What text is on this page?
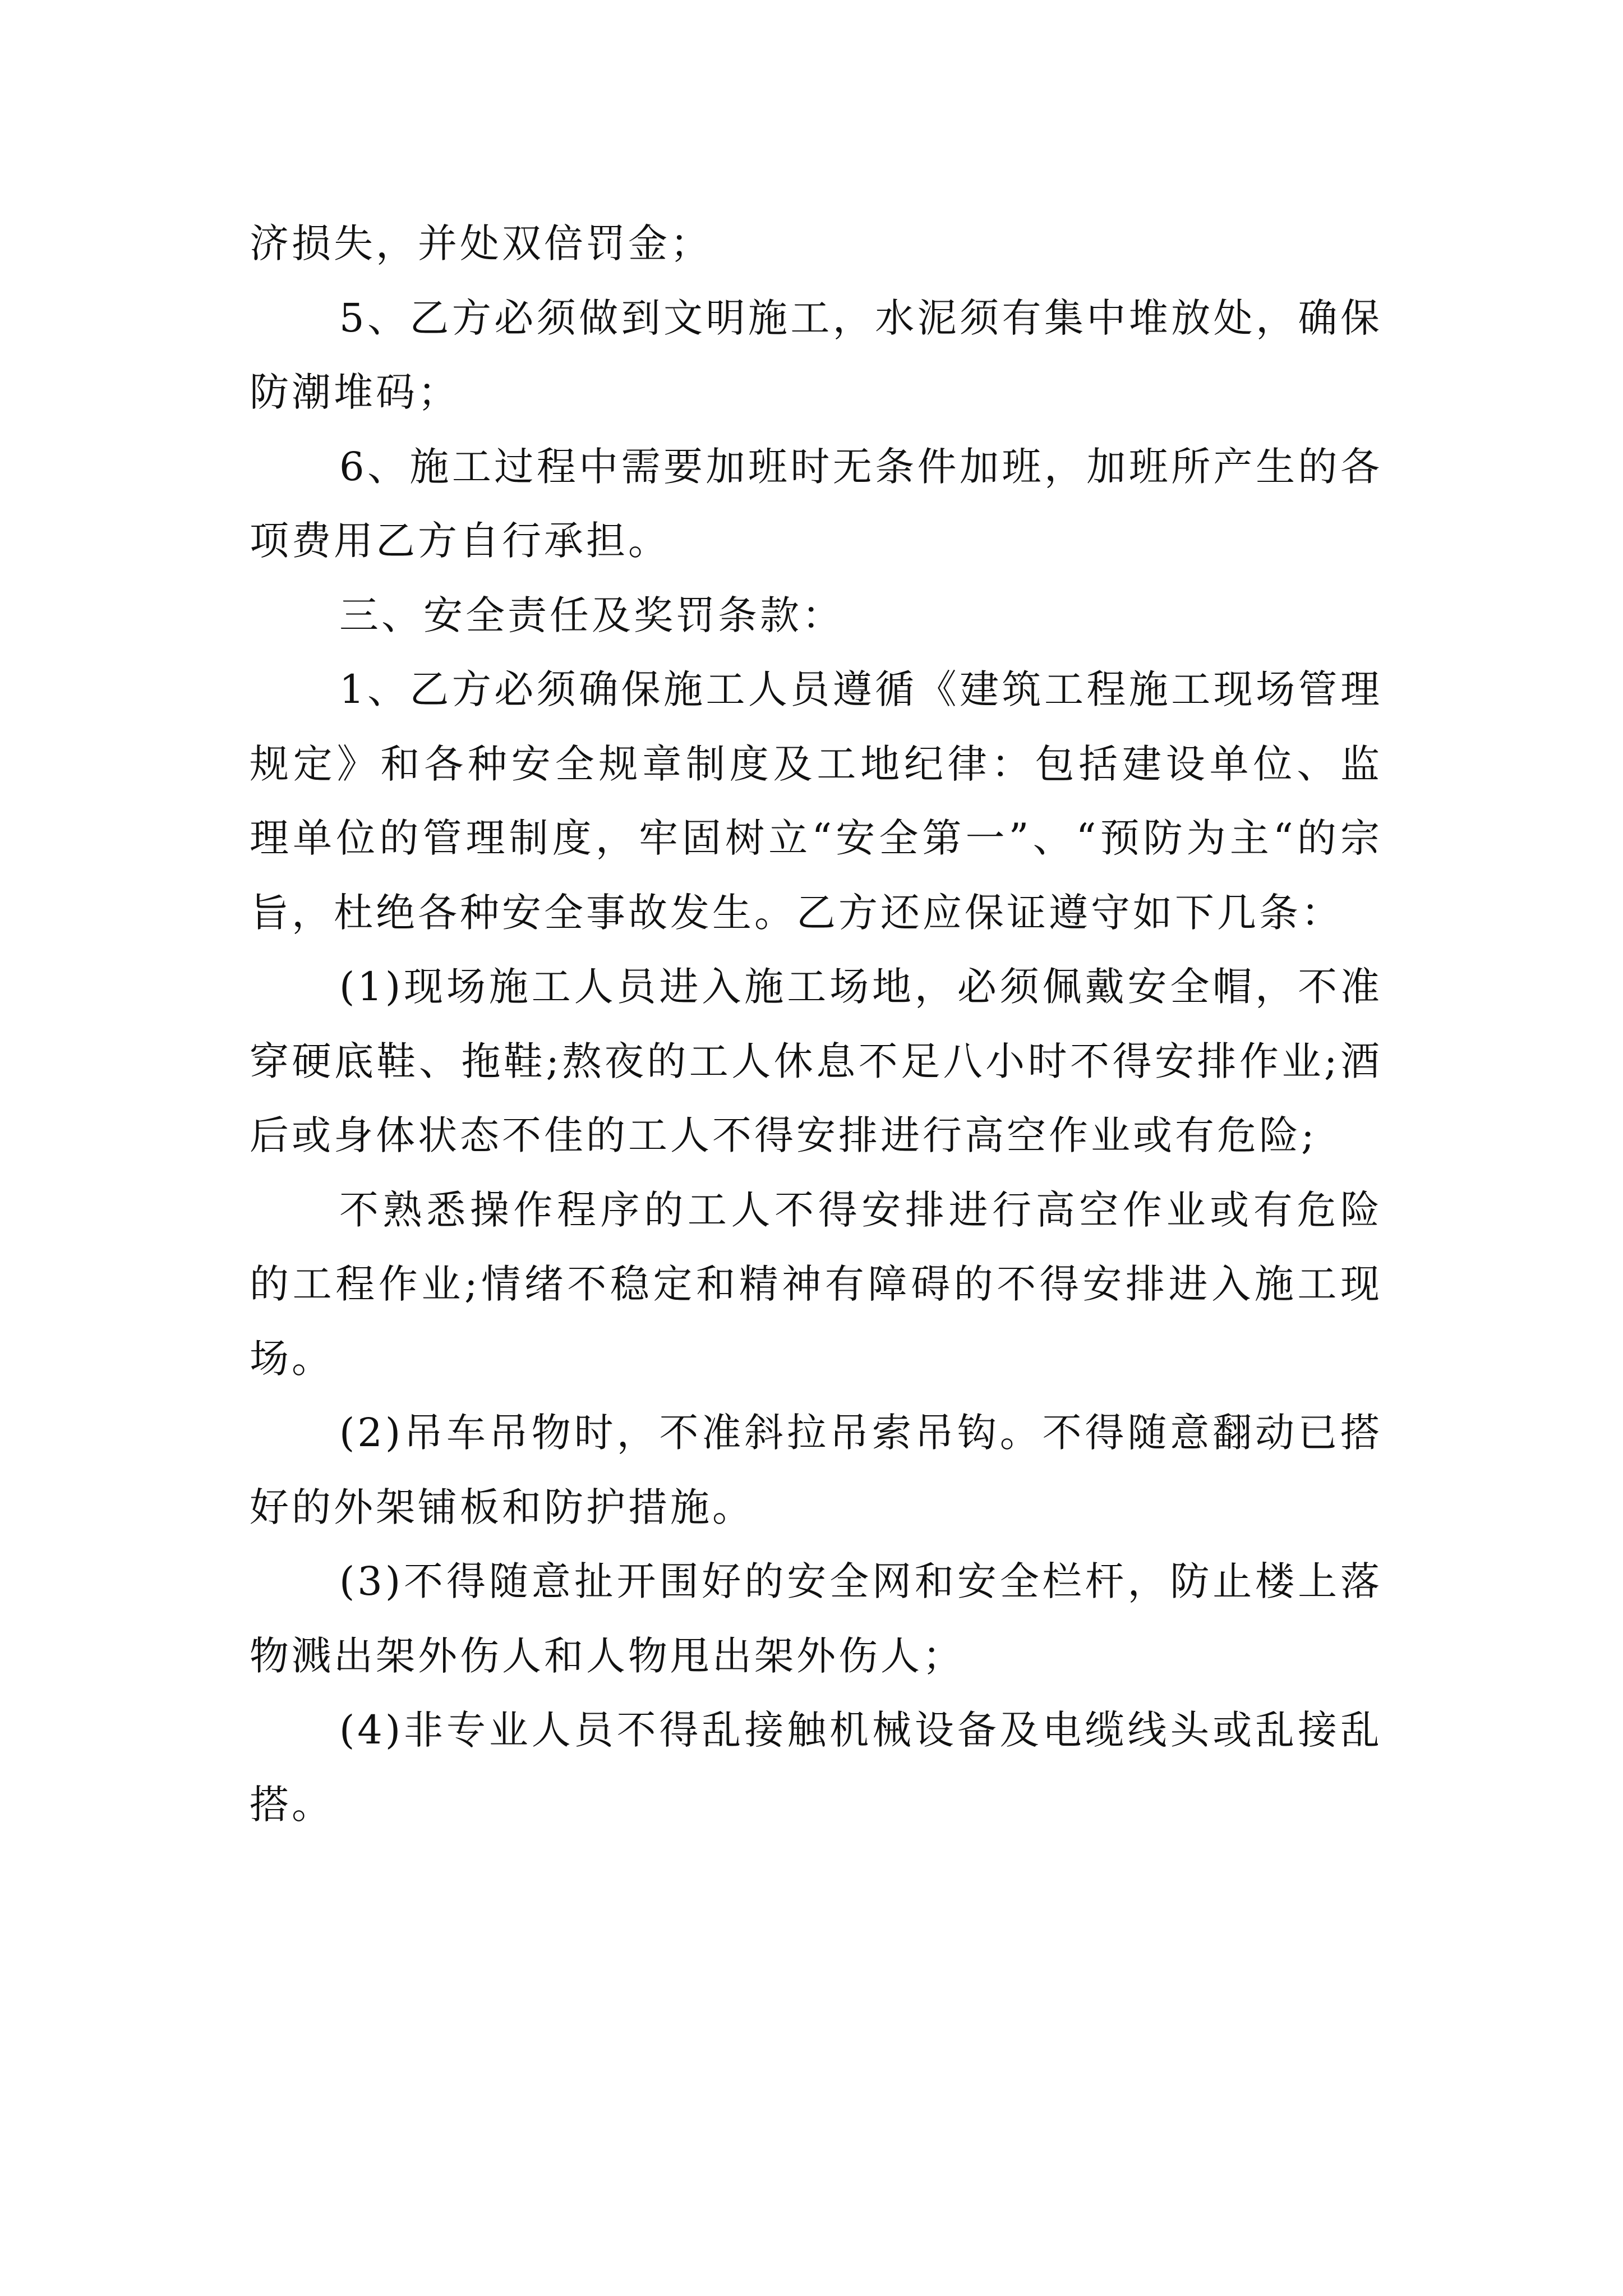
济损失，并处双倍罚金；

5、乙方必须做到文明施工，水泥须有集中堆放处，确保防潮堆码；

6、施工过程中需要加班时无条件加班，加班所产生的各项费用乙方自行承担。

三、安全责任及奖罚条款：

1、乙方必须确保施工人员遵循《建筑工程施工现场管理规定》和各种安全规章制度及工地纪律：包括建设单位、监理单位的管理制度，牢固树立“安全第一”、“预防为主“的宗旨，杜绝各种安全事故发生。乙方还应保证遵守如下几条：

(1)现场施工人员进入施工场地，必须佩戴安全帽，不准穿硬底鞋、拖鞋;熬夜的工人休息不足八小时不得安排作业;酒后或身体状态不佳的工人不得安排进行高空作业或有危险;

不熟悉操作程序的工人不得安排进行高空作业或有危险的工程作业;情绪不稳定和精神有障碍的不得安排进入施工现场。

(2)吊车吊物时，不准斜拉吊索吊钩。不得随意翻动已搭好的外架铺板和防护措施。

(3)不得随意扯开围好的安全网和安全栏杆，防止楼上落物溅出架外伤人和人物甩出架外伤人；

(4)非专业人员不得乱接触机械设备及电缆线头或乱接乱搭。
